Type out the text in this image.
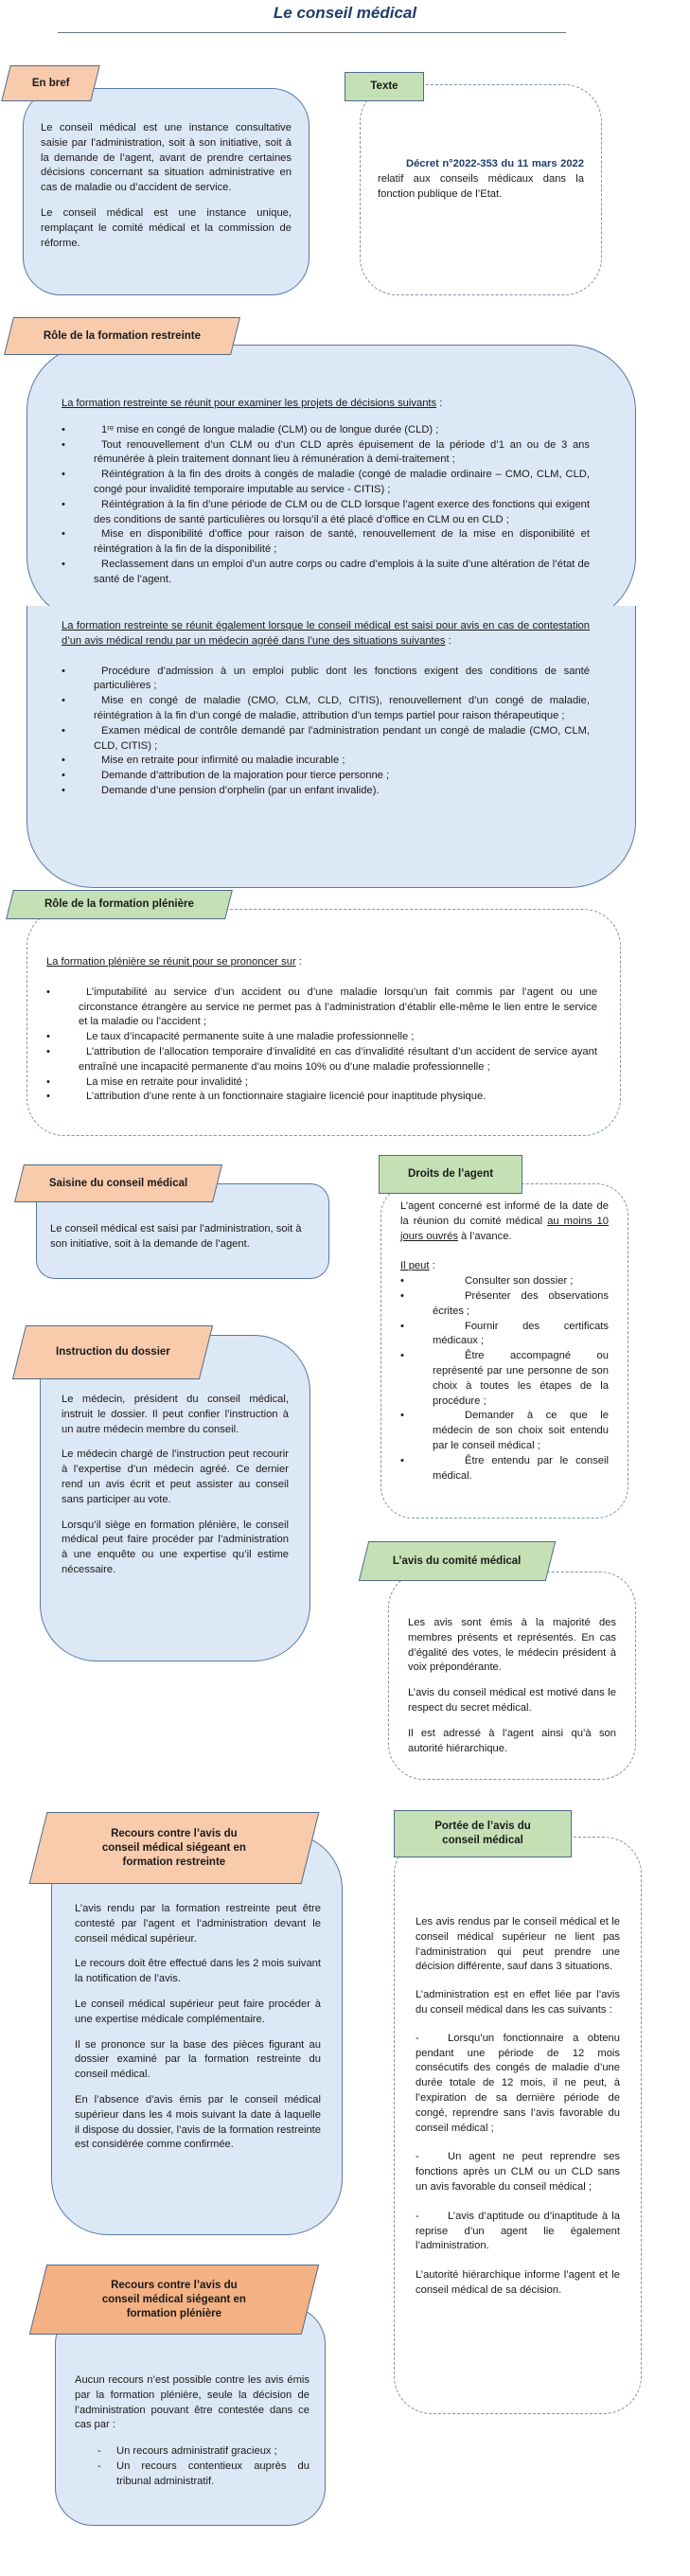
Le conseil médical

Le conseil médical est une instance consultative saisie par l’administration, soit à son initiative, soit à la demande de l’agent, avant de prendre certaines décisions concernant sa situation administrative en cas de maladie ou d’accident de service.

Le conseil médical est une instance unique, remplaçant le comité médical et la commission de réforme.

En bref

Décret n°2022-353 du 11 mars 2022 relatif aux conseils médicaux dans la fonction publique de l’Etat.

Texte

La formation restreinte se réunit pour examiner les projets de décisions suivants :

•	1ʳᵉ mise en congé de longue maladie (CLM) ou de longue durée (CLD) ;
•	Tout renouvellement d’un CLM ou d’un CLD après épuisement de la période d’1 an ou de 3 ans rémunérée à plein traitement donnant lieu à rémunération à demi-traitement ;
•	Réintégration à la fin des droits à congés de maladie (congé de maladie ordinaire – CMO, CLM, CLD, congé pour invalidité temporaire imputable au service - CITIS) ;
•	Réintégration à la fin d’une période de CLM ou de CLD lorsque l’agent exerce des fonctions qui exigent des conditions de santé particulières ou lorsqu’il a été placé d’office en CLM ou en CLD ;
•	Mise en disponibilité d’office pour raison de santé, renouvellement de la mise en disponibilité et réintégration à la fin de la disponibilité ;
•	Reclassement dans un emploi d’un autre corps ou cadre d’emplois à la suite d’une altération de l’état de santé de l’agent.

La formation restreinte se réunit également lorsque le conseil médical est saisi pour avis en cas de contestation d’un avis médical rendu par un médecin agréé dans l’une des situations suivantes :

•	Procédure d’admission à un emploi public dont les fonctions exigent des conditions de santé particulières ;
•	Mise en congé de maladie (CMO, CLM, CLD, CITIS), renouvellement d’un congé de maladie, réintégration à la fin d’un congé de maladie, attribution d’un temps partiel pour raison thérapeutique ;
•	Examen médical de contrôle demandé par l’administration pendant un congé de maladie (CMO, CLM, CLD, CITIS) ;
•	Mise en retraite pour infirmité ou maladie incurable ;
•	Demande d’attribution de la majoration pour tierce personne ;
•	Demande d’une pension d’orphelin (par un enfant invalide).
Rôle de la formation restreinte

La formation plénière se réunit pour se prononcer sur :

•	L’imputabilité au service d’un accident ou d’une maladie lorsqu’un fait commis par l’agent ou une circonstance étrangère au service ne permet pas à l’administration d’établir elle-même le lien entre le service et la maladie ou l’accident ;
•	Le taux d’incapacité permanente suite à une maladie professionnelle ;
•	L’attribution de l’allocation temporaire d’invalidité en cas d’invalidité résultant d’un accident de service ayant entraîné une incapacité permanente d’au moins 10% ou d’une maladie professionnelle ;
•	La mise en retraite pour invalidité ;
•	L’attribution d’une rente à un fonctionnaire stagiaire licencié pour inaptitude physique.
Rôle de la formation plénière

Le conseil médical est saisi par l’administration, soit à son initiative, soit à la demande de l’agent.

Saisine du conseil médical

L’agent concerné est informé de la date de la réunion du comité médical au moins 10 jours ouvrés à l’avance.

Il peut :

•	Consulter son dossier ;
•	Présenter des observations écrites ;
•	Fournir des certificats médicaux ;
•	Être accompagné ou représenté par une personne de son choix à toutes les étapes de la procédure ;
•	Demander à ce que le médecin de son choix soit entendu par le conseil médical ;
•	Être entendu par le conseil médical.
Droits de l’agent

Le médecin, président du conseil médical, instruit le dossier. Il peut confier l’instruction à un autre médecin membre du conseil.

Le médecin chargé de l’instruction peut recourir à l’expertise d’un médecin agréé. Ce dernier rend un avis écrit et peut assister au conseil sans participer au vote.

Lorsqu’il siège en formation plénière, le conseil médical peut faire procéder par l’administration à une enquête ou une expertise qu’il estime nécessaire.

Instruction du dossier

Les avis sont émis à la majorité des membres présents et représentés. En cas d’égalité des votes, le médecin président à voix prépondérante.

L’avis du conseil médical est motivé dans le respect du secret médical.

Il est adressé à l’agent ainsi qu’à son autorité hiérarchique.

L’avis du comité médical

L’avis rendu par la formation restreinte peut être contesté par l’agent et l’administration devant le conseil médical supérieur.

Le recours doit être effectué dans les 2 mois suivant la notification de l’avis.

Le conseil médical supérieur peut faire procéder à une expertise médicale complémentaire.

Il se prononce sur la base des pièces figurant au dossier examiné par la formation restreinte du conseil médical.

En l’absence d’avis émis par le conseil médical supérieur dans les 4 mois suivant la date à laquelle il dispose du dossier, l’avis de la formation restreinte est considérée comme confirmée.

Recours contre l’avis du conseil médical siégeant en formation restreinte

Les avis rendus par le conseil médical et le conseil médical supérieur ne lient pas l’administration qui peut prendre une décision différente, sauf dans 3 situations.

L’administration est en effet liée par l’avis du conseil médical dans les cas suivants :

-	Lorsqu’un fonctionnaire a obtenu pendant une période de 12 mois consécutifs des congés de maladie d’une durée totale de 12 mois, il ne peut, à l’expiration de sa dernière période de congé, reprendre sans l’avis favorable du conseil médical ;
-	Un agent ne peut reprendre ses fonctions après un CLM ou un CLD sans un avis favorable du conseil médical ;
-	L’avis d’aptitude ou d’inaptitude à la reprise d’un agent lie également l’administration.

L’autorité hiérarchique informe l’agent et le conseil médical de sa décision.

Portée de l’avis du conseil médical

Aucun recours n’est possible contre les avis émis par la formation plénière, seule la décision de l’administration pouvant être contestée dans ce cas par :

- Un recours administratif gracieux ;
- Un recours contentieux auprès du tribunal administratif.
Recours contre l’avis du conseil médical siégeant en formation plénière
